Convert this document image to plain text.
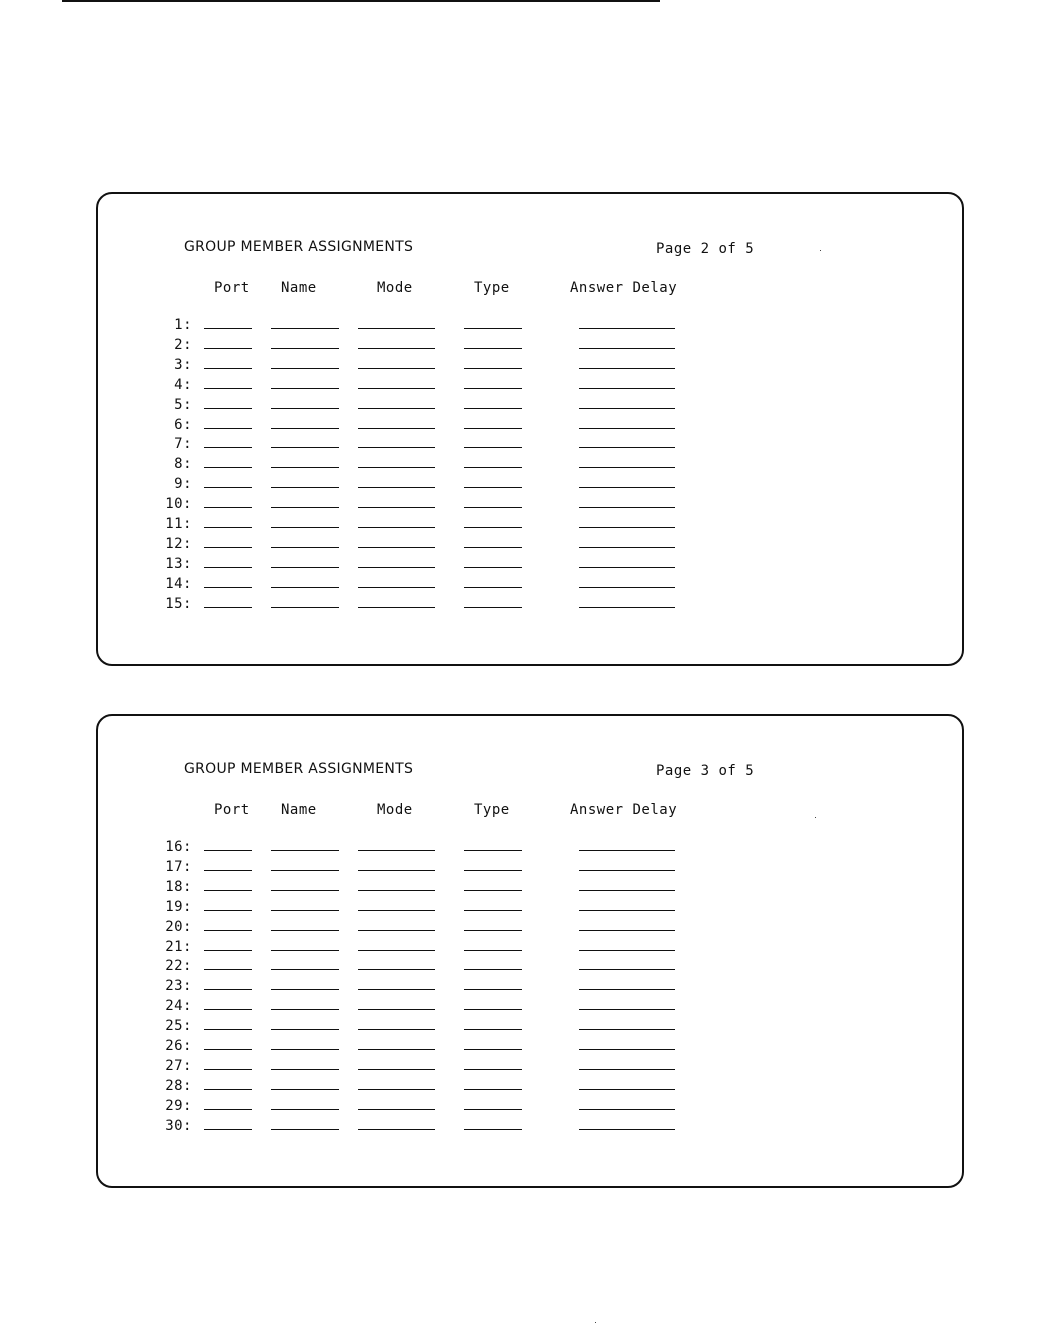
GROUP MEMBER ASSIGNMENTS	Page 2 of 5
Port Name	Mode	Type	Answer Delay
1:
2:
3:
4:
5:
6:
7:
8:
9:
10:
11:
12:
13:
14:
15:
GROUP MEMBER ASSIGNMENTS	Page 3 of 5
Port Name	Mode	Type	Answer Delay
16:
17:
18:
19:
20:
21:
22:
23:
24:
25:
26:
27:
28:
29:
30:
